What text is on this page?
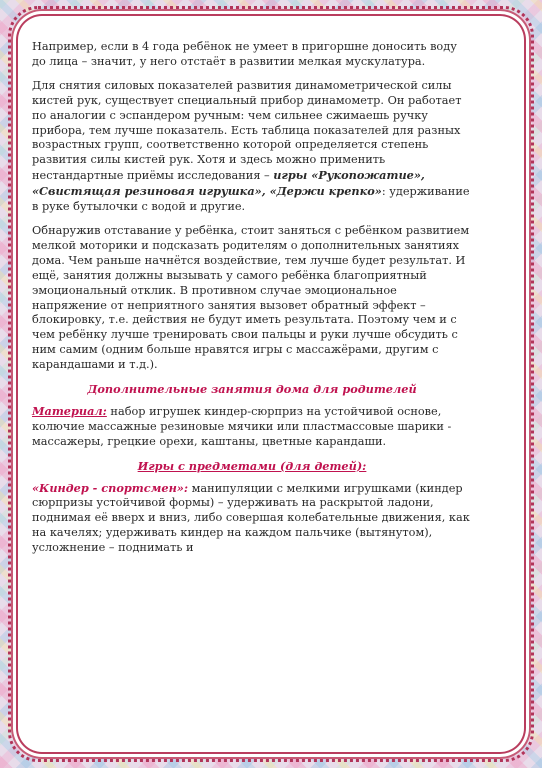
Например, если в 4 года ребёнок не умеет в пригоршне доносить воду до лица – значит, у него отстаёт в развитии мелкая мускулатура.

Для снятия силовых показателей развития динамометрической силы кистей рук, существует специальный прибор динамометр. Он работает по аналогии с эспандером ручным: чем сильнее сжимаешь ручку прибора, тем лучше показатель. Есть таблица показателей для разных возрастных групп, соответственно которой определяется степень развития силы кистей рук. Хотя и здесь можно применить нестандартные приёмы исследования – игры «Рукопожатие», «Свистящая резиновая игрушка», «Держи крепко»: удерживание в руке бутылочки с водой и другие.

Обнаружив отставание у ребёнка, стоит заняться с ребёнком развитием мелкой моторики и подсказать родителям о дополнительных занятиях дома. Чем раньше начнётся воздействие, тем лучше будет результат. И ещё, занятия должны вызывать у самого ребёнка благоприятный эмоциональный отклик. В противном случае эмоциональное напряжение от неприятного занятия вызовет обратный эффект – блокировку, т.е. действия не будут иметь результата. Поэтому чем и с чем ребёнку лучше тренировать свои пальцы и руки лучше обсудить с ним самим (одним больше нравятся игры с массажёрами, другим с карандашами и т.д.).

Дополнительные занятия дома для родителей

Материал: набор игрушек киндер-сюрприз на устойчивой основе, колючие массажные резиновые мячики или пластмассовые шарики - массажеры, грецкие орехи, каштаны, цветные карандаши.

Игры с предметами (для детей):

«Киндер - спортсмен»: манипуляции с мелкими игрушками (киндер сюрпризы устойчивой формы) – удерживать на раскрытой ладони, поднимая её вверх и вниз, либо совершая колебательные движения, как на качелях; удерживать киндер на каждом пальчике (вытянутом), усложнение – поднимать и
